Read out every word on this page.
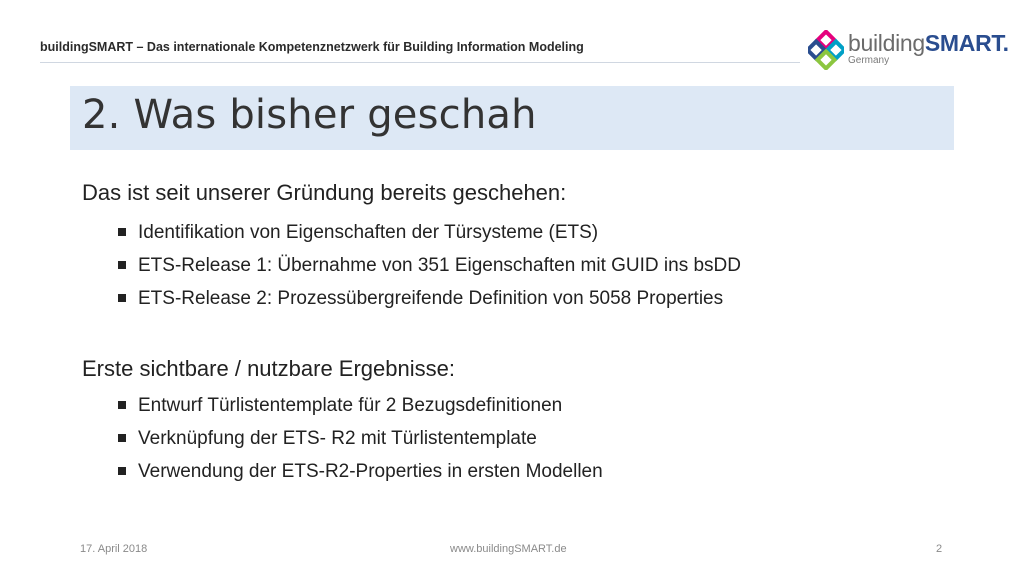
buildingSMART – Das internationale Kompetenznetzwerk für Building Information Modeling	buildingSMART.
Germany
2. Was bisher geschah
Das ist seit unserer Gründung bereits geschehen:
Identifikation von Eigenschaften der Türsysteme (ETS)
ETS-Release 1: Übernahme von 351 Eigenschaften mit GUID ins bsDD
ETS-Release 2: Prozessübergreifende Definition von 5058 Properties
Erste sichtbare / nutzbare Ergebnisse:
Entwurf Türlistentemplate für 2 Bezugsdefinitionen
Verknüpfung der ETS- R2 mit Türlistentemplate
Verwendung der ETS-R2-Properties in ersten Modellen
17. April 2018	www.buildingSMART.de	2
